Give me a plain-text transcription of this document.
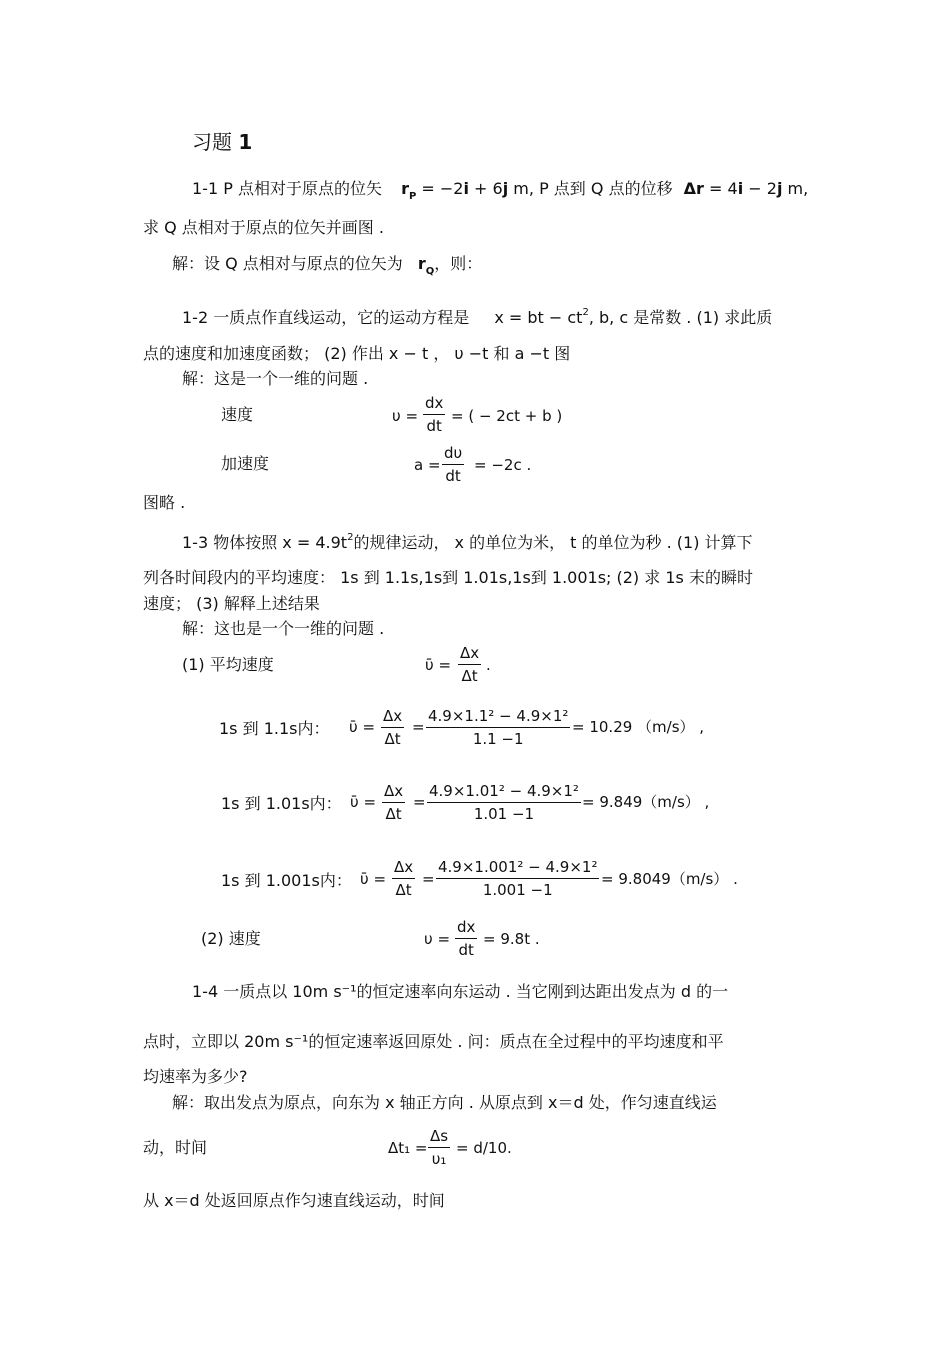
习题 1
1-1 P 点相对于原点的位矢 $r_P = -2i + 6j$ m, P 点到 Q 点的位移 Δr = 4i − 2j m,
求 Q 点相对于原点的位矢并画图 .
解：设 Q 点相对与原点的位矢为 $r_Q$，则：
1-2 一质点作直线运动，它的运动方程是 x = bt − $ct^2$, b, c 是常数 . (1) 求此质
点的速度和加速度函数； (2) 作出 x − t ， υ −t 和 a −t 图
解：这是一个一维的问题 .
速度	υ =
dx
dt
= ( − 2ct + b )
加速度	a =
dυ
dt
= −2c .
图略 .
1-3 物体按照 $x = 4.9t^2$的规律运动， x 的单位为米， t 的单位为秒 . (1) 计算下
列各时间段内的平均速度： 1s 到 1.1s,1s到 1.01s,1s到 1.001s; (2) 求 1s 末的瞬时
速度； (3) 解释上述结果
解：这也是一个一维的问题 .
(1) 平均速度	ῡ =
Δx
Δt
.
1s 到 1.1s内： ῡ =
Δx
Δt
=
4.9×1.1² − 4.9×1²
1.1 −1
= 10.29 （m/s） ,
1s 到 1.01s内： ῡ =
Δx
Δt
=
4.9×1.01² − 4.9×1²
1.01 −1
= 9.849（m/s） ,
1s 到 1.001s内： ῡ =
Δx
Δt
=
4.9×1.001² − 4.9×1²
1.001 −1
= 9.8049（m/s） .
(2) 速度	υ =
dx
dt
= 9.8t .
1-4 一质点以 10m s⁻¹的恒定速率向东运动 . 当它刚到达距出发点为 d 的一
点时，立即以 20m s⁻¹的恒定速率返回原处 . 问：质点在全过程中的平均速度和平
均速率为多少?
解：取出发点为原点，向东为 x 轴正方向 . 从原点到 x＝d 处，作匀速直线运
动，时间	Δt₁ =
Δs
υ₁
= d/10.
从 x＝d 处返回原点作匀速直线运动，时间
